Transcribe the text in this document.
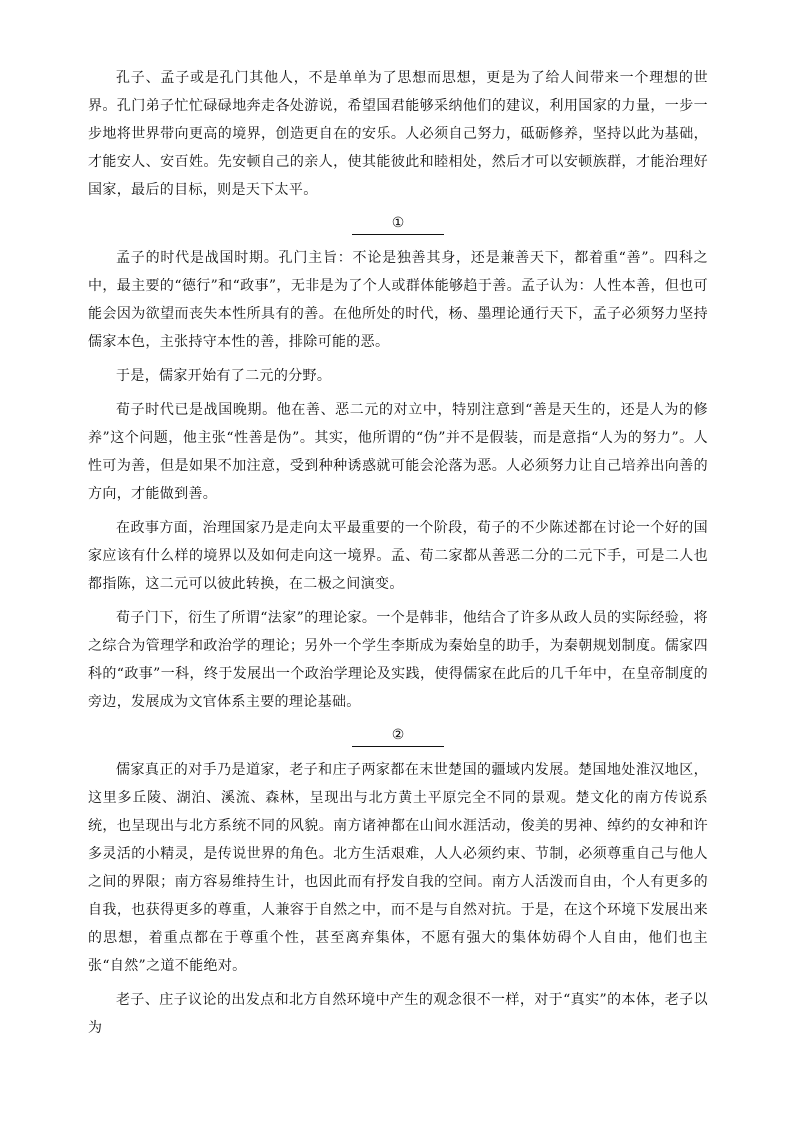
孔子、孟子或是孔门其他人，不是单单为了思想而思想，更是为了给人间带来一个理想的世界。孔门弟子忙忙碌碌地奔走各处游说，希望国君能够采纳他们的建议，利用国家的力量，一步一步地将世界带向更高的境界，创造更自在的安乐。人必须自己努力，砥砺修养，坚持以此为基础，才能安人、安百姓。先安顿自己的亲人，使其能彼此和睦相处，然后才可以安顿族群，才能治理好国家，最后的目标，则是天下太平。

①

孟子的时代是战国时期。孔门主旨：不论是独善其身，还是兼善天下，都着重“善”。四科之中，最主要的“德行”和“政事”，无非是为了个人或群体能够趋于善。孟子认为：人性本善，但也可能会因为欲望而丧失本性所具有的善。在他所处的时代，杨、墨理论通行天下，孟子必须努力坚持儒家本色，主张持守本性的善，排除可能的恶。

于是，儒家开始有了二元的分野。

荀子时代已是战国晚期。他在善、恶二元的对立中，特别注意到“善是天生的，还是人为的修养”这个问题，他主张“性善是伪”。其实，他所谓的“伪”并不是假装，而是意指“人为的努力”。人性可为善，但是如果不加注意，受到种种诱惑就可能会沦落为恶。人必须努力让自己培养出向善的方向，才能做到善。

在政事方面，治理国家乃是走向太平最重要的一个阶段，荀子的不少陈述都在讨论一个好的国家应该有什么样的境界以及如何走向这一境界。孟、荀二家都从善恶二分的二元下手，可是二人也都指陈，这二元可以彼此转换，在二极之间演变。

荀子门下，衍生了所谓“法家”的理论家。一个是韩非，他结合了许多从政人员的实际经验，将之综合为管理学和政治学的理论；另外一个学生李斯成为秦始皇的助手，为秦朝规划制度。儒家四科的“政事”一科，终于发展出一个政治学理论及实践，使得儒家在此后的几千年中，在皇帝制度的旁边，发展成为文官体系主要的理论基础。

②

儒家真正的对手乃是道家，老子和庄子两家都在末世楚国的疆域内发展。楚国地处淮汉地区，这里多丘陵、湖泊、溪流、森林，呈现出与北方黄土平原完全不同的景观。楚文化的南方传说系统，也呈现出与北方系统不同的风貌。南方诸神都在山间水涯活动，俊美的男神、绰约的女神和许多灵活的小精灵，是传说世界的角色。北方生活艰难，人人必须约束、节制，必须尊重自己与他人之间的界限；南方容易维持生计，也因此而有抒发自我的空间。南方人活泼而自由，个人有更多的自我，也获得更多的尊重，人兼容于自然之中，而不是与自然对抗。于是，在这个环境下发展出来的思想，着重点都在于尊重个性，甚至离弃集体，不愿有强大的集体妨碍个人自由，他们也主张“自然”之道不能绝对。

老子、庄子议论的出发点和北方自然环境中产生的观念很不一样，对于“真实”的本体，老子以为
